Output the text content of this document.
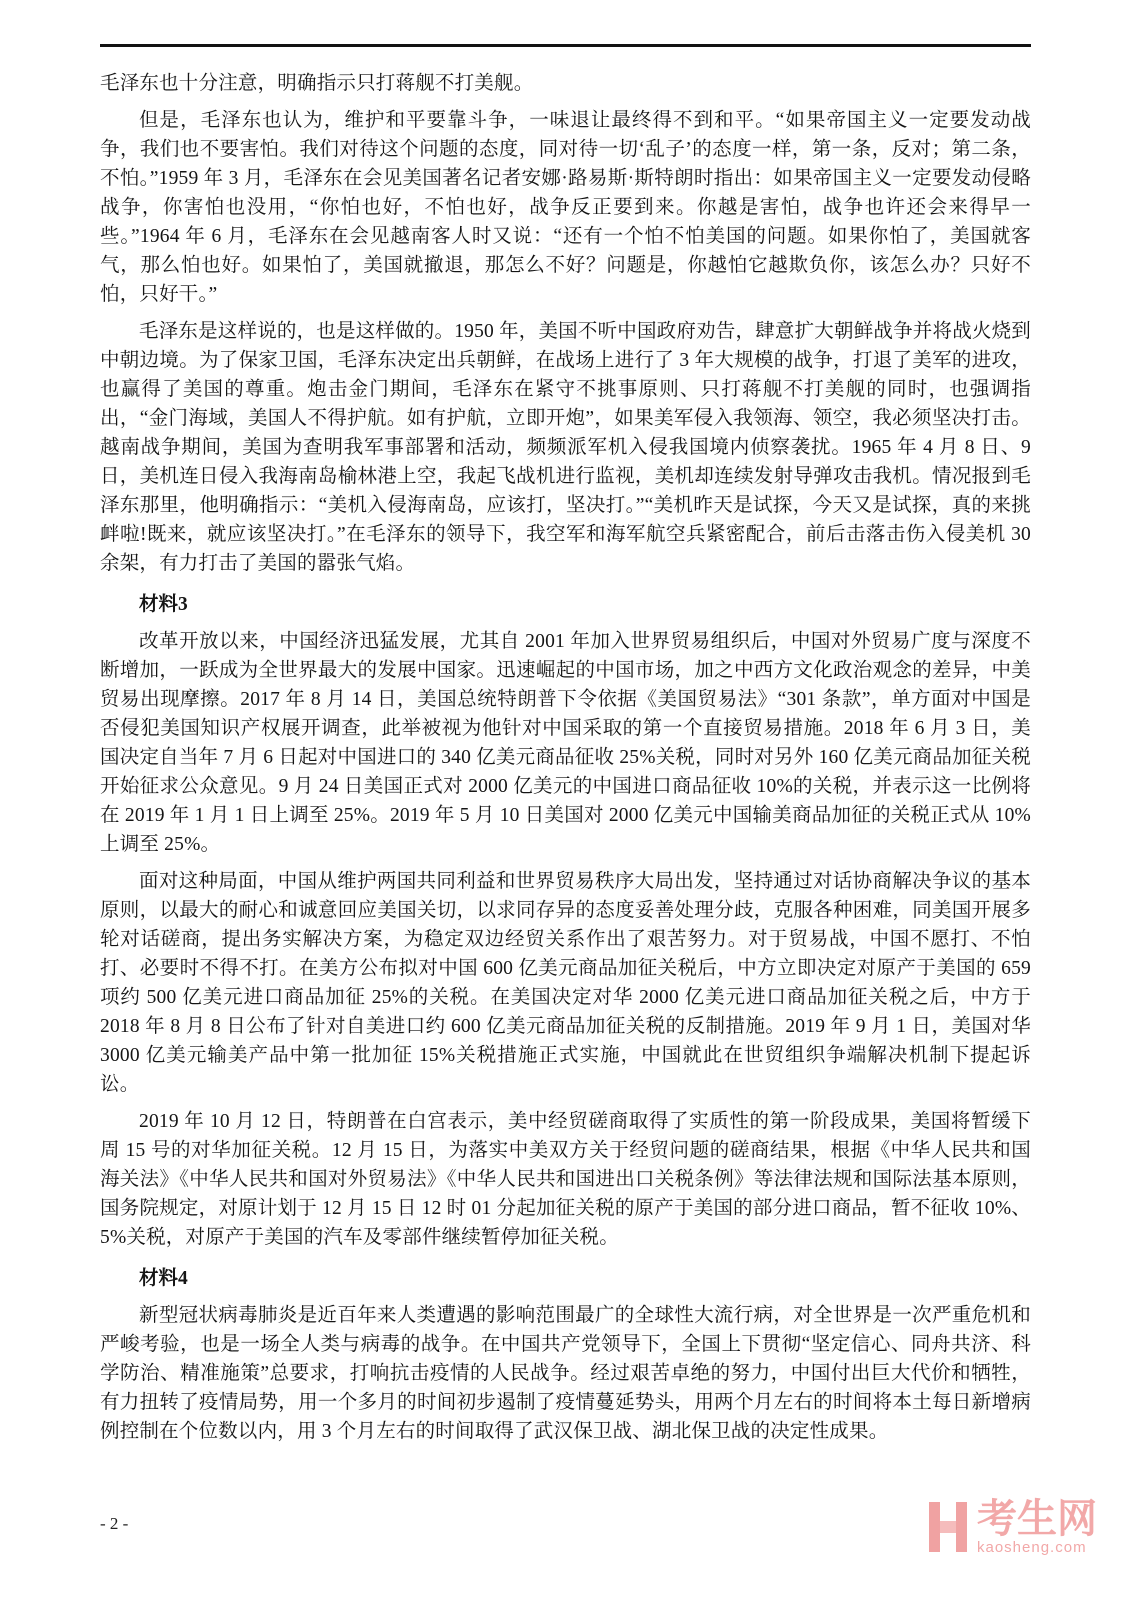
毛泽东也十分注意，明确指示只打蒋舰不打美舰。

但是，毛泽东也认为，维护和平要靠斗争，一味退让最终得不到和平。“如果帝国主义一定要发动战争，我们也不要害怕。我们对待这个问题的态度，同对待一切‘乱子’的态度一样，第一条，反对；第二条，不怕。”1959 年 3 月，毛泽东在会见美国著名记者安娜·路易斯·斯特朗时指出：如果帝国主义一定要发动侵略战争，你害怕也没用，“你怕也好，不怕也好，战争反正要到来。你越是害怕，战争也许还会来得早一些。”1964 年 6 月，毛泽东在会见越南客人时又说：“还有一个怕不怕美国的问题。如果你怕了，美国就客气，那么怕也好。如果怕了，美国就撤退，那怎么不好？问题是，你越怕它越欺负你，该怎么办？只好不怕，只好干。”

毛泽东是这样说的，也是这样做的。1950 年，美国不听中国政府劝告，肆意扩大朝鲜战争并将战火烧到中朝边境。为了保家卫国，毛泽东决定出兵朝鲜，在战场上进行了 3 年大规模的战争，打退了美军的进攻，也赢得了美国的尊重。炮击金门期间，毛泽东在紧守不挑事原则、只打蒋舰不打美舰的同时，也强调指出，“金门海域，美国人不得护航。如有护航，立即开炮”，如果美军侵入我领海、领空，我必须坚决打击。越南战争期间，美国为查明我军事部署和活动，频频派军机入侵我国境内侦察袭扰。1965 年 4 月 8 日、9 日，美机连日侵入我海南岛榆林港上空，我起飞战机进行监视，美机却连续发射导弹攻击我机。情况报到毛泽东那里，他明确指示：“美机入侵海南岛，应该打，坚决打。”“美机昨天是试探，今天又是试探，真的来挑衅啦!既来，就应该坚决打。”在毛泽东的领导下，我空军和海军航空兵紧密配合，前后击落击伤入侵美机 30 余架，有力打击了美国的嚣张气焰。

材料3

改革开放以来，中国经济迅猛发展，尤其自 2001 年加入世界贸易组织后，中国对外贸易广度与深度不断增加，一跃成为全世界最大的发展中国家。迅速崛起的中国市场，加之中西方文化政治观念的差异，中美贸易出现摩擦。2017 年 8 月 14 日，美国总统特朗普下令依据《美国贸易法》“301 条款”，单方面对中国是否侵犯美国知识产权展开调查，此举被视为他针对中国采取的第一个直接贸易措施。2018 年 6 月 3 日，美国决定自当年 7 月 6 日起对中国进口的 340 亿美元商品征收 25%关税，同时对另外 160 亿美元商品加征关税开始征求公众意见。9 月 24 日美国正式对 2000 亿美元的中国进口商品征收 10%的关税，并表示这一比例将在 2019 年 1 月 1 日上调至 25%。2019 年 5 月 10 日美国对 2000 亿美元中国输美商品加征的关税正式从 10%上调至 25%。

面对这种局面，中国从维护两国共同利益和世界贸易秩序大局出发，坚持通过对话协商解决争议的基本原则，以最大的耐心和诚意回应美国关切，以求同存异的态度妥善处理分歧，克服各种困难，同美国开展多轮对话磋商，提出务实解决方案，为稳定双边经贸关系作出了艰苦努力。对于贸易战，中国不愿打、不怕打、必要时不得不打。在美方公布拟对中国 600 亿美元商品加征关税后，中方立即决定对原产于美国的 659 项约 500 亿美元进口商品加征 25%的关税。在美国决定对华 2000 亿美元进口商品加征关税之后，中方于 2018 年 8 月 8 日公布了针对自美进口约 600 亿美元商品加征关税的反制措施。2019 年 9 月 1 日，美国对华 3000 亿美元输美产品中第一批加征 15%关税措施正式实施，中国就此在世贸组织争端解决机制下提起诉讼。

2019 年 10 月 12 日，特朗普在白宫表示，美中经贸磋商取得了实质性的第一阶段成果，美国将暂缓下周 15 号的对华加征关税。12 月 15 日，为落实中美双方关于经贸问题的磋商结果，根据《中华人民共和国海关法》《中华人民共和国对外贸易法》《中华人民共和国进出口关税条例》等法律法规和国际法基本原则，国务院规定，对原计划于 12 月 15 日 12 时 01 分起加征关税的原产于美国的部分进口商品，暂不征收 10%、5%关税，对原产于美国的汽车及零部件继续暂停加征关税。

材料4

新型冠状病毒肺炎是近百年来人类遭遇的影响范围最广的全球性大流行病，对全世界是一次严重危机和严峻考验，也是一场全人类与病毒的战争。在中国共产党领导下，全国上下贯彻“坚定信心、同舟共济、科学防治、精准施策”总要求，打响抗击疫情的人民战争。经过艰苦卓绝的努力，中国付出巨大代价和牺牲，有力扭转了疫情局势，用一个多月的时间初步遏制了疫情蔓延势头，用两个月左右的时间将本土每日新增病例控制在个位数以内，用 3 个月左右的时间取得了武汉保卫战、湖北保卫战的决定性成果。

- 2 -	考生网
kaosheng.com
